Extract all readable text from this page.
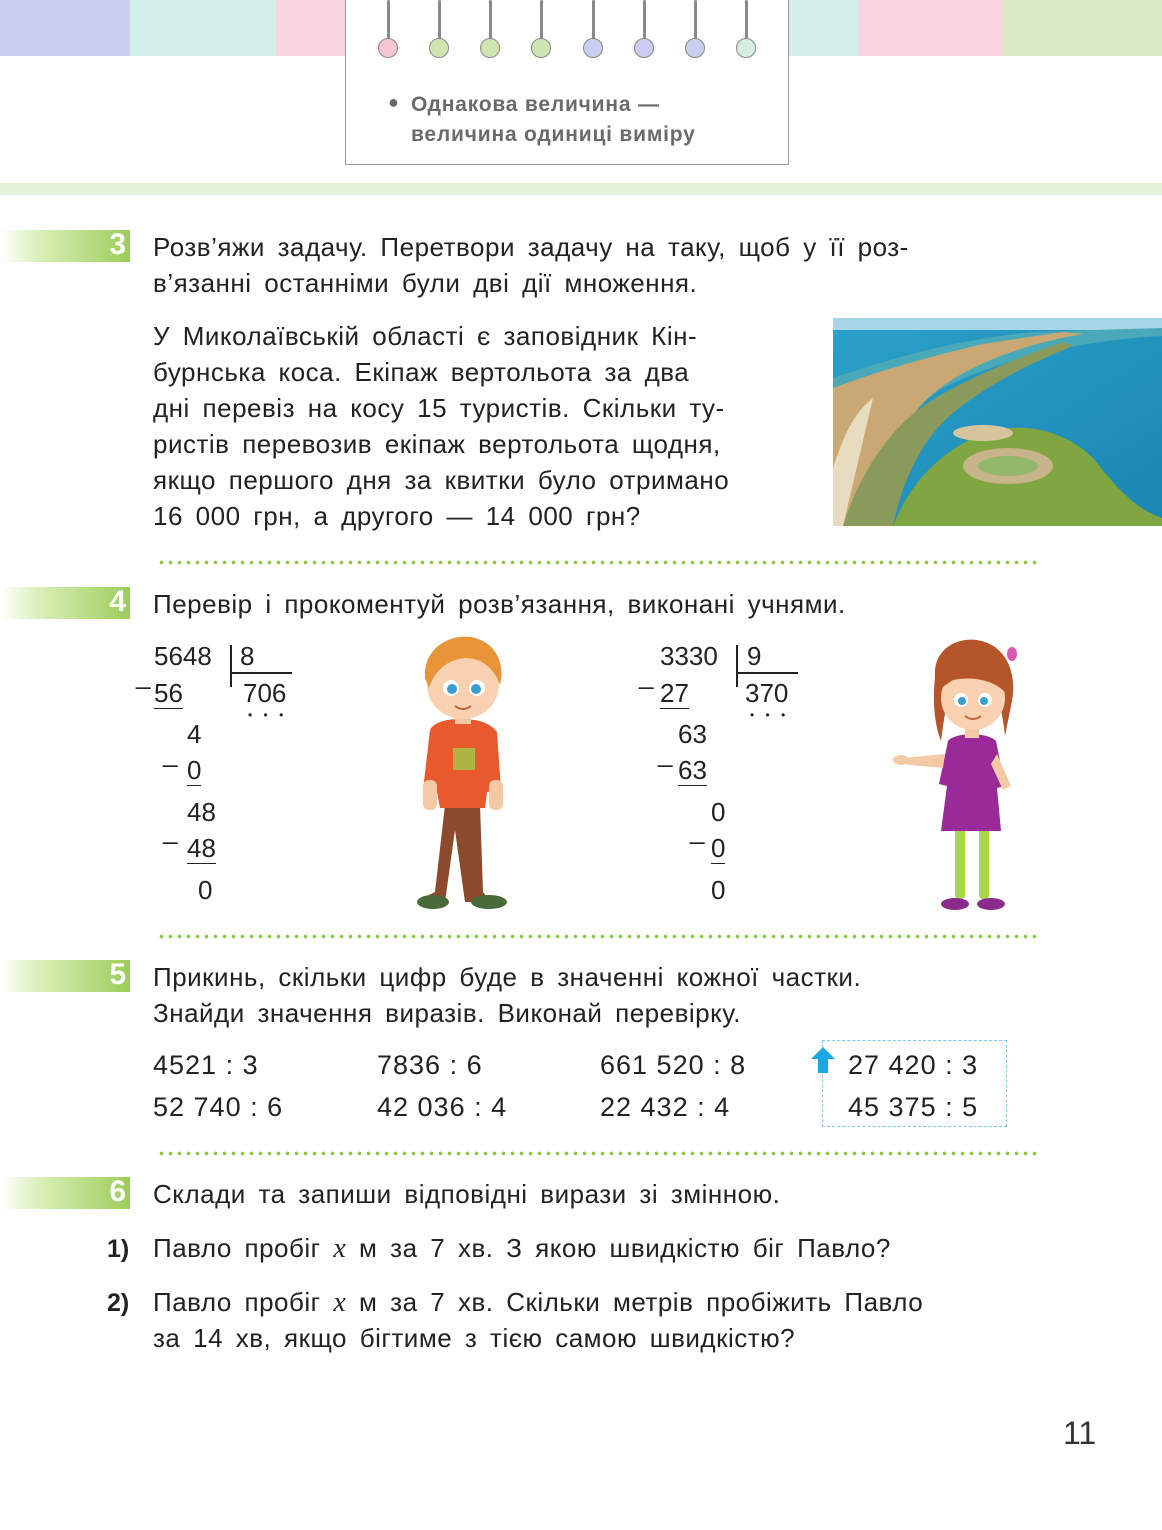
● Однакова величина —
величина одиниці виміру
3 Розв’яжи задачу. Перетвори задачу на таку, щоб у її роз-
в’язанні останніми були дві дії множення.
У Миколаївській області є заповідник Кін-
бурнська коса. Екіпаж вертольота за два
дні перевіз на косу 15 туристів. Скільки ту-
ристів перевозив екіпаж вертольота щодня,
якщо першого дня за квитки було отримано
16 000 грн, а другого — 14 000 грн?
4 Перевір і прокоментуй розв’язання, виконані учнями.
_
5648 8
706
• • •
56
_
4
0
_
48
48
0
_
3330 9
370
• • •
27
_
63
63
_
0
0
0
5 Прикинь, скільки цифр буде в значенні кожної частки.
Знайди значення виразів. Виконай перевірку.
4521 : 3
52 740 : 6
7836 : 6
42 036 : 4
661 520 : 8
22 432 : 4
27 420 : 3
45 375 : 5
6 Склади та запиши відповідні вирази зі змінною.
1) Павло пробіг x м за 7 хв. З якою швидкістю біг Павло?
2) Павло пробіг x м за 7 хв. Скільки метрів пробіжить Павло
за 14 хв, якщо бігтиме з тією самою швидкістю?
11
